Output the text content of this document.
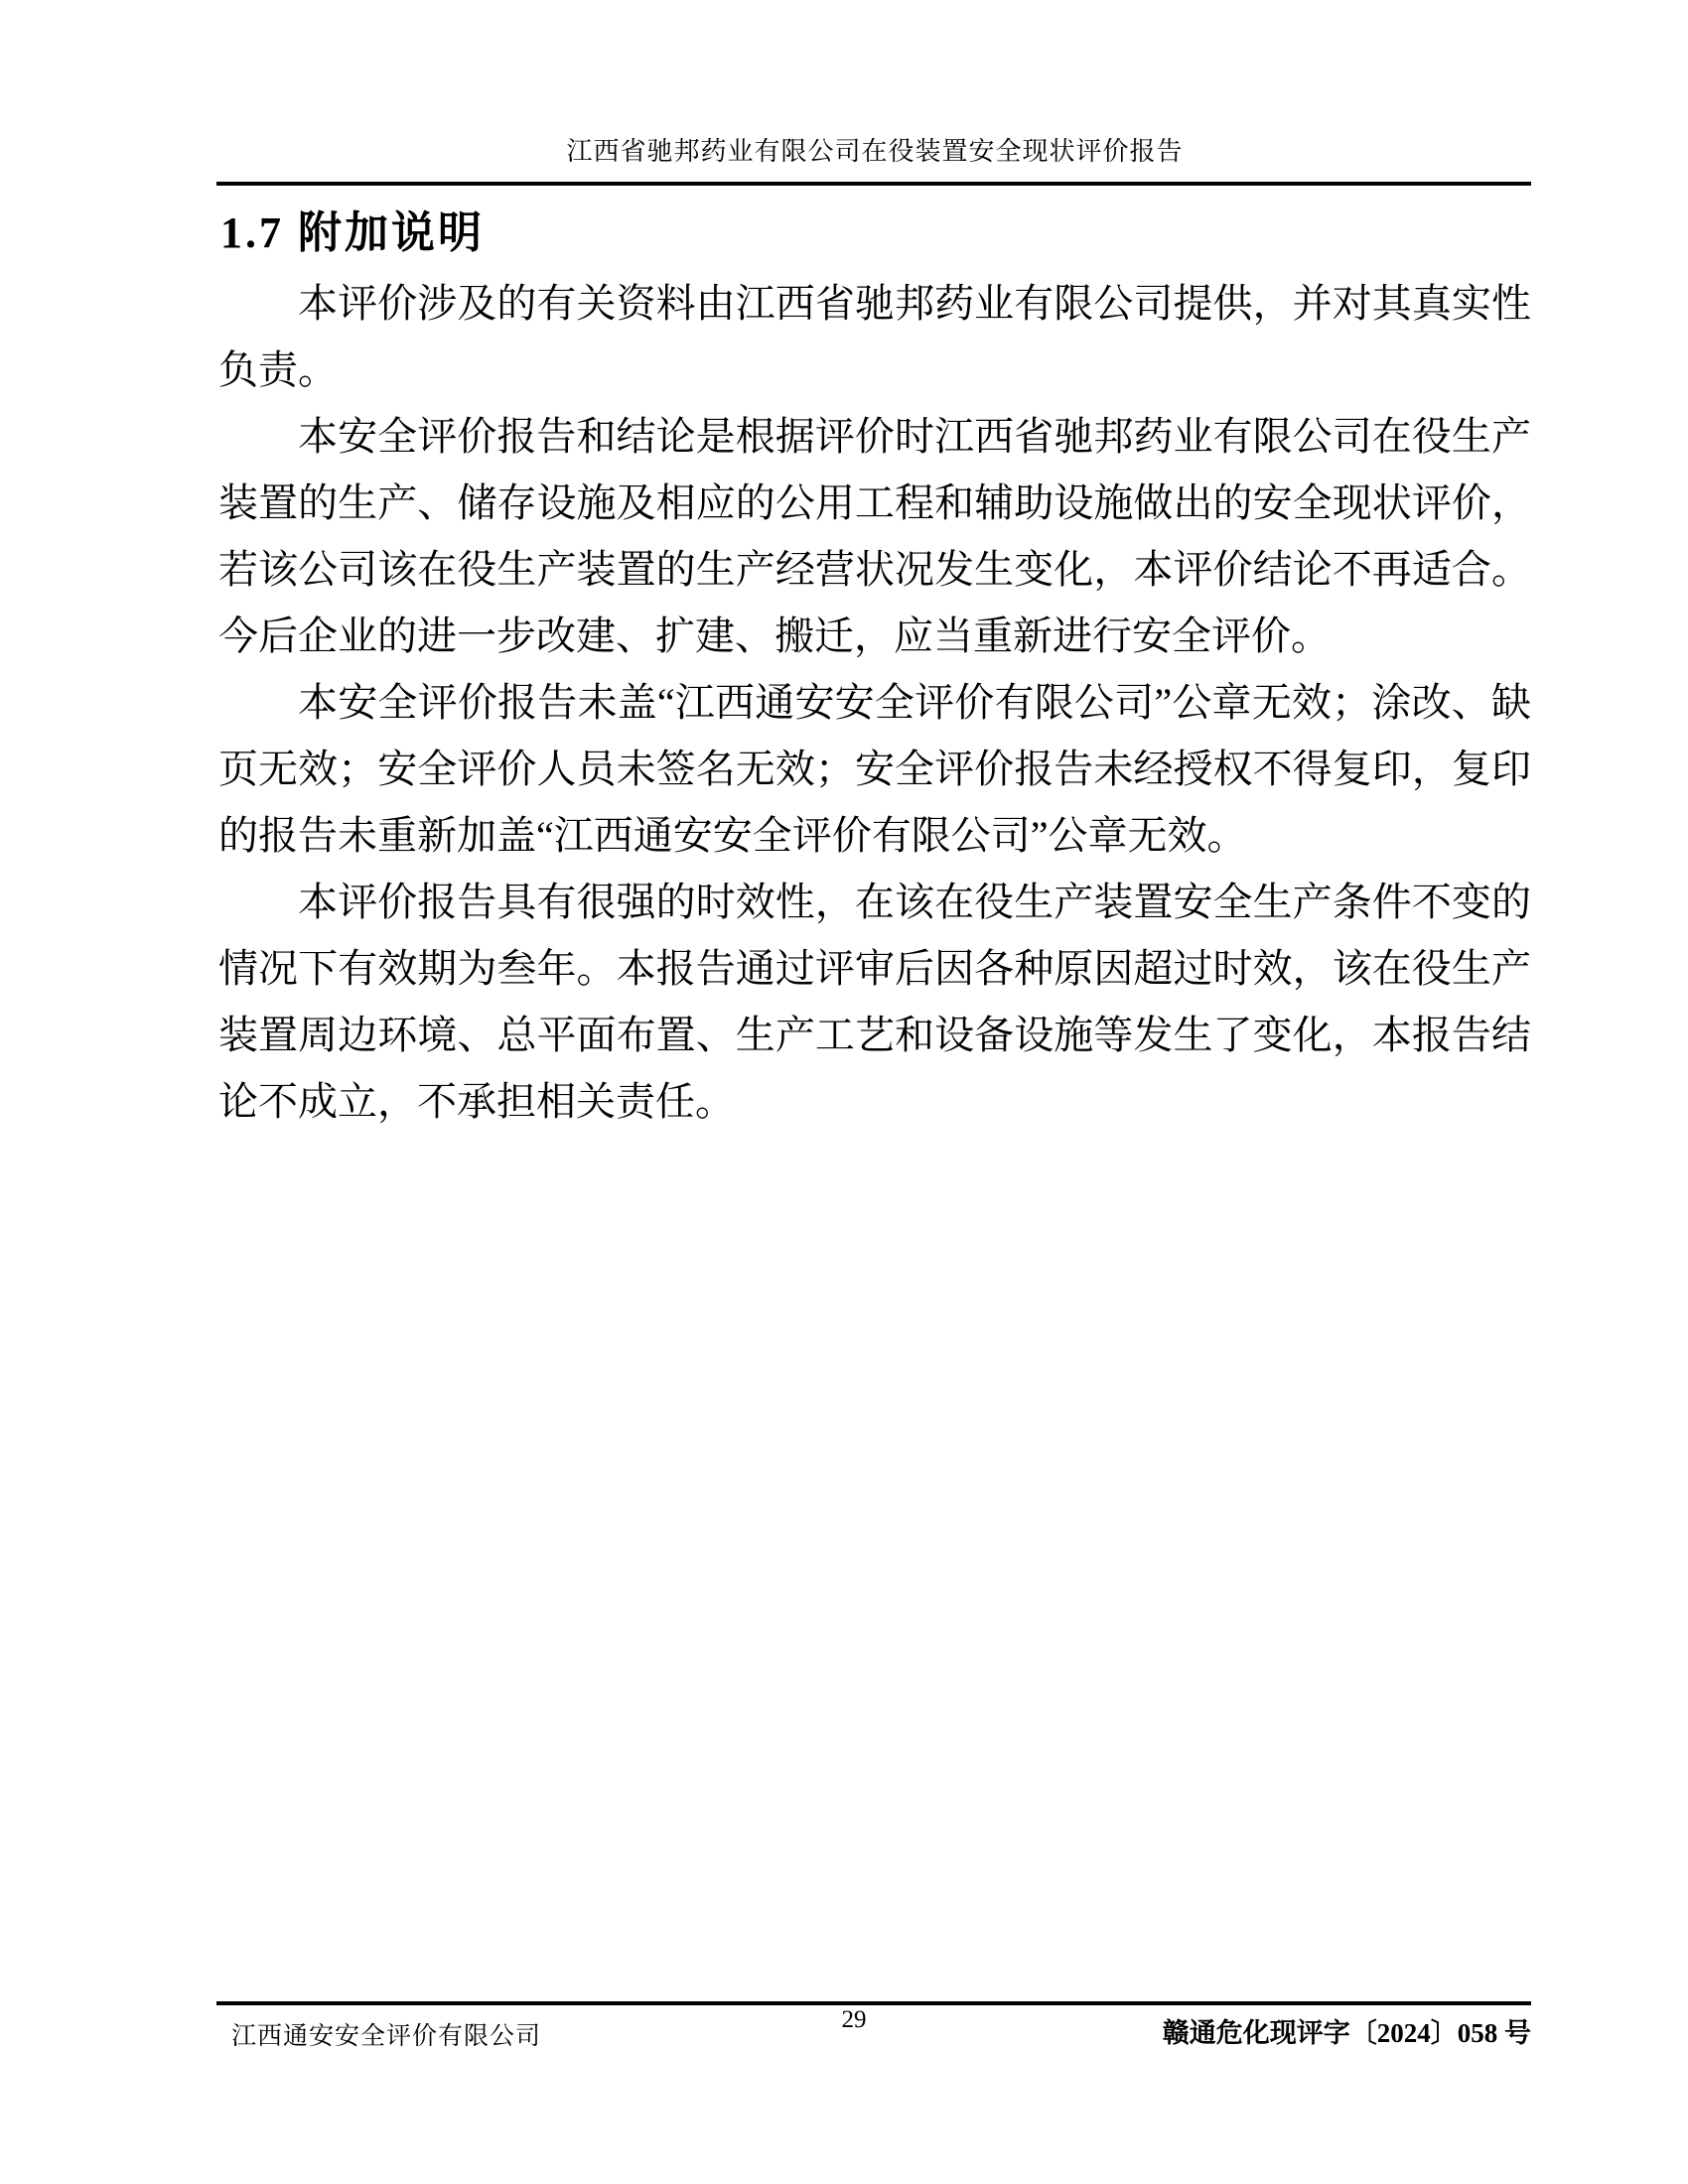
江西省驰邦药业有限公司在役装置安全现状评价报告
1.7 附加说明

本评价涉及的有关资料由江西省驰邦药业有限公司提供，并对其真实性负责。

本安全评价报告和结论是根据评价时江西省驰邦药业有限公司在役生产装置的生产、储存设施及相应的公用工程和辅助设施做出的安全现状评价，若该公司该在役生产装置的生产经营状况发生变化，本评价结论不再适合。今后企业的进一步改建、扩建、搬迁，应当重新进行安全评价。

本安全评价报告未盖“江西通安安全评价有限公司”公章无效；涂改、缺页无效；安全评价人员未签名无效；安全评价报告未经授权不得复印，复印的报告未重新加盖“江西通安安全评价有限公司”公章无效。

本评价报告具有很强的时效性，在该在役生产装置安全生产条件不变的情况下有效期为叁年。本报告通过评审后因各种原因超过时效，该在役生产装置周边环境、总平面布置、生产工艺和设备设施等发生了变化，本报告结论不成立，不承担相关责任。

江西通安安全评价有限公司
29	赣通危化现评字〔2024〕058 号
